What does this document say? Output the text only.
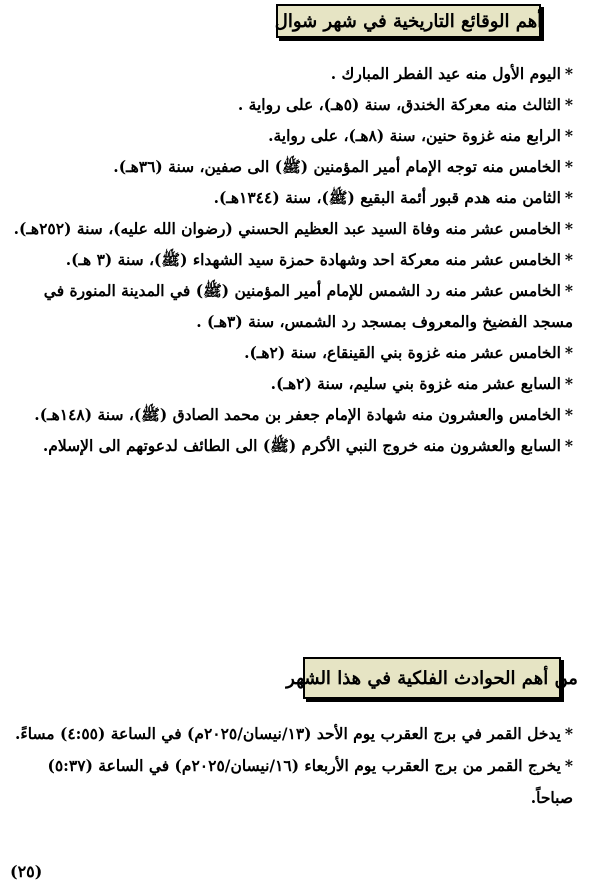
أهم الوقائع التاريخية في شهر شوال
*اليوم الأول منه عيد الفطر المبارك .
*الثالث منه معركة الخندق، سنة (٥هـ)، على رواية .
*الرابع منه غزوة حنين، سنة (٨هـ)، على رواية.
*الخامس منه توجه الإمام أمير المؤمنين (ﷺ) الى صفين، سنة (٣٦هـ).
*الثامن منه هدم قبور أئمة البقيع (ﷺ)، سنة (١٣٤٤هـ).
*الخامس عشر منه وفاة السيد عبد العظيم الحسني (رضوان الله عليه)، سنة (٢٥٢هـ).
*الخامس عشر منه معركة احد وشهادة حمزة سيد الشهداء (ﷺ)، سنة (٣ هـ).
*الخامس عشر منه رد الشمس للإمام أمير المؤمنين (ﷺ) في المدينة المنورة في مسجد الفضيخ والمعروف بمسجد رد الشمس، سنة (٣هـ) .
*الخامس عشر منه غزوة بني القينقاع، سنة (٢هـ).
*السابع عشر منه غزوة بني سليم، سنة (٢هـ).
*الخامس والعشرون منه شهادة الإمام جعفر بن محمد الصادق (ﷺ)، سنة (١٤٨هـ).
*السابع والعشرون منه خروج النبي الأكرم (ﷺ) الى الطائف لدعوتهم الى الإسلام.
من أهم الحوادث الفلكية في هذا الشهر
*يدخل القمر في برج العقرب يوم الأحد (١٣/نيسان/٢٠٢٥م) في الساعة (٤:٥٥) مساءً.
*يخرج القمر من برج العقرب يوم الأربعاء (١٦/نيسان/٢٠٢٥م) في الساعة (٥:٣٧) صباحاً.
(٢٥)
